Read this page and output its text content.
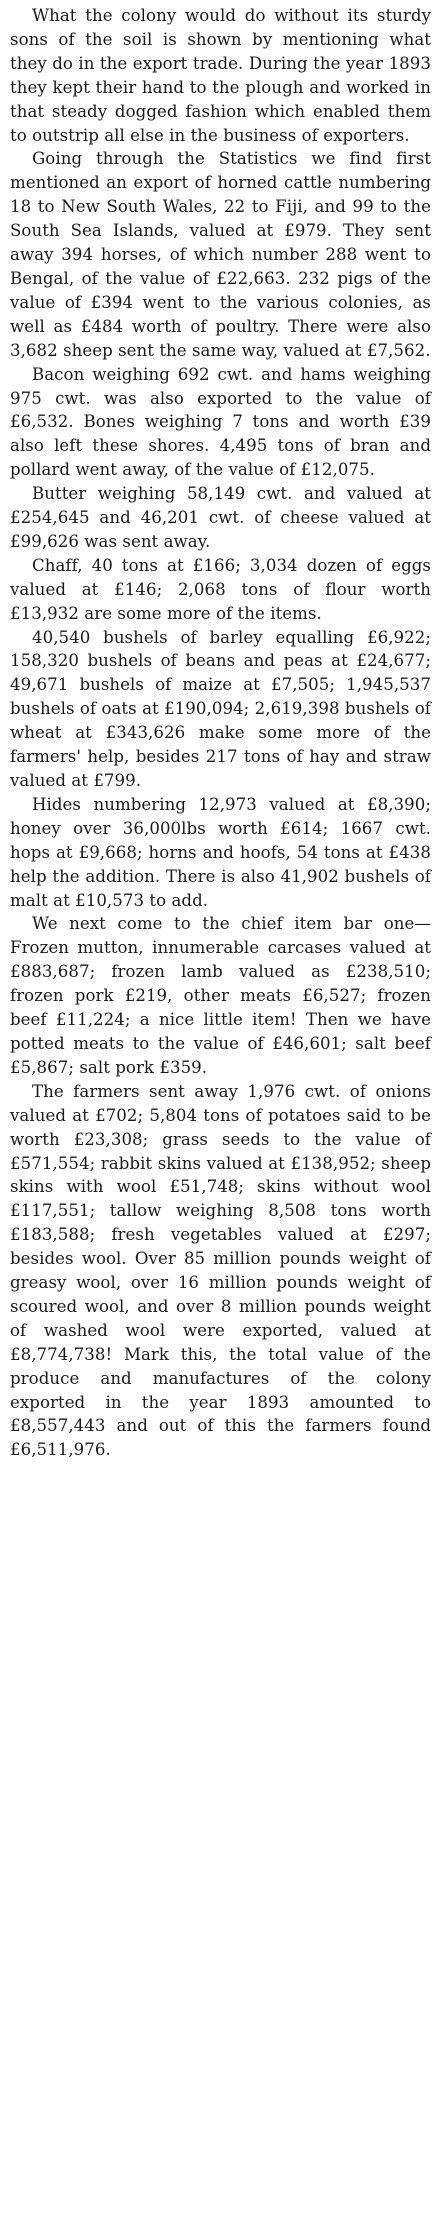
What the colony would do without its sturdy sons of the soil is shown by mentioning what they do in the export trade. During the year 1893 they kept their hand to the plough and worked in that steady dogged fashion which enabled them to outstrip all else in the business of exporters.

Going through the Statistics we find first mentioned an export of horned cattle numbering 18 to New South Wales, 22 to Fiji, and 99 to the South Sea Islands, valued at £979. They sent away 394 horses, of which number 288 went to Bengal, of the value of £22,663. 232 pigs of the value of £394 went to the various colonies, as well as £484 worth of poultry. There were also 3,682 sheep sent the same way, valued at £7,562.

Bacon weighing 692 cwt. and hams weighing 975 cwt. was also exported to the value of £6,532. Bones weighing 7 tons and worth £39 also left these shores. 4,495 tons of bran and pollard went away, of the value of £12,075.

Butter weighing 58,149 cwt. and valued at £254,645 and 46,201 cwt. of cheese valued at £99,626 was sent away.

Chaff, 40 tons at £166; 3,034 dozen of eggs valued at £146; 2,068 tons of flour worth £13,932 are some more of the items.

40,540 bushels of barley equalling £6,922; 158,320 bushels of beans and peas at £24,677; 49,671 bushels of maize at £7,505; 1,945,537 bushels of oats at £190,094; 2,619,398 bushels of wheat at £343,626 make some more of the farmers' help, besides 217 tons of hay and straw valued at £799.

Hides numbering 12,973 valued at £8,390; honey over 36,000lbs worth £614; 1667 cwt. hops at £9,668; horns and hoofs, 54 tons at £438 help the addition. There is also 41,902 bushels of malt at £10,573 to add.

We next come to the chief item bar one—Frozen mutton, innumerable carcases valued at £883,687; frozen lamb valued as £238,510; frozen pork £219, other meats £6,527; frozen beef £11,224; a nice little item! Then we have potted meats to the value of £46,601; salt beef £5,867; salt pork £359.

The farmers sent away 1,976 cwt. of onions valued at £702; 5,804 tons of potatoes said to be worth £23,308; grass seeds to the value of £571,554; rabbit skins valued at £138,952; sheep skins with wool £51,748; skins without wool £117,551; tallow weighing 8,508 tons worth £183,588; fresh vegetables valued at £297; besides wool. Over 85 million pounds weight of greasy wool, over 16 million pounds weight of scoured wool, and over 8 million pounds weight of washed wool were exported, valued at £8,774,738! Mark this, the total value of the produce and manufactures of the colony exported in the year 1893 amounted to £8,557,443 and out of this the farmers found £6,511,976.
